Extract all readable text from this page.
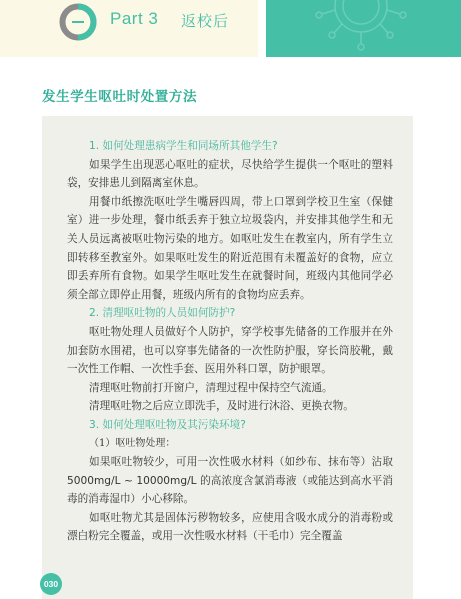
Part 3 返校后
发生学生呕吐时处置方法

1. 如何处理患病学生和同场所其他学生?

如果学生出现恶心呕吐的症状，尽快给学生提供一个呕吐的塑料袋，安排患儿到隔离室休息。

用餐巾纸擦洗呕吐学生嘴唇四周，带上口罩到学校卫生室（保健室）进一步处理，餐巾纸丢弃于独立垃圾袋内，并安排其他学生和无关人员远离被呕吐物污染的地方。如呕吐发生在教室内，所有学生立即转移至教室外。如果呕吐发生的附近范围有未覆盖好的食物，应立即丢弃所有食物。如果学生呕吐发生在就餐时间，班级内其他同学必须全部立即停止用餐，班级内所有的食物均应丢弃。

2. 清理呕吐物的人员如何防护?

呕吐物处理人员做好个人防护，穿学校事先储备的工作服并在外加套防水围裙，也可以穿事先储备的一次性防护服，穿长筒胶靴，戴一次性工作帽、一次性手套、医用外科口罩，防护眼罩。

清理呕吐物前打开窗户，清理过程中保持空气流通。

清理呕吐物之后应立即洗手，及时进行沐浴、更换衣物。

3. 如何处理呕吐物及其污染环境?

（1）呕吐物处理：

如果呕吐物较少，可用一次性吸水材料（如纱布、抹布等）沾取 5000mg/L ~ 10000mg/L 的高浓度含氯消毒液（或能达到高水平消毒的消毒湿巾）小心移除。

如呕吐物尤其是固体污秽物较多，应使用含吸水成分的消毒粉或漂白粉完全覆盖，或用一次性吸水材料（干毛巾）完全覆盖

030
